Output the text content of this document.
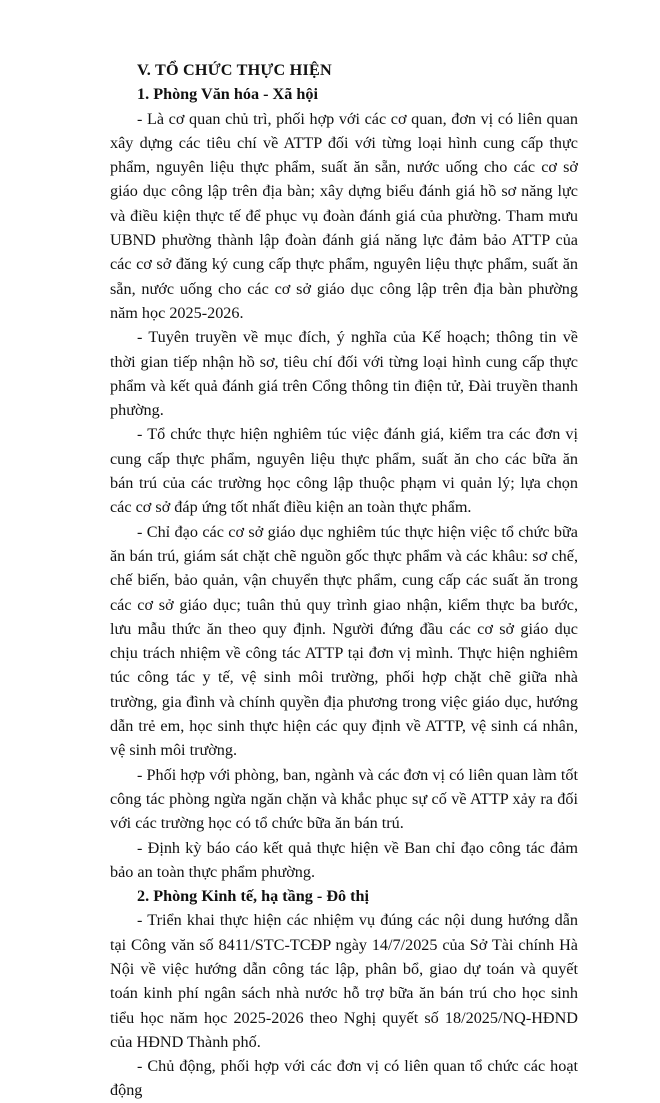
V. TỔ CHỨC THỰC HIỆN

1. Phòng Văn hóa - Xã hội

- Là cơ quan chủ trì, phối hợp với các cơ quan, đơn vị có liên quan xây dựng các tiêu chí về ATTP đối với từng loại hình cung cấp thực phẩm, nguyên liệu thực phẩm, suất ăn sẵn, nước uống cho các cơ sở giáo dục công lập trên địa bàn; xây dựng biểu đánh giá hồ sơ năng lực và điều kiện thực tế để phục vụ đoàn đánh giá của phường. Tham mưu UBND phường thành lập đoàn đánh giá năng lực đảm bảo ATTP của các cơ sở đăng ký cung cấp thực phẩm, nguyên liệu thực phẩm, suất ăn sẵn, nước uống cho các cơ sở giáo dục công lập trên địa bàn phường năm học 2025-2026.

- Tuyên truyền về mục đích, ý nghĩa của Kế hoạch; thông tin về thời gian tiếp nhận hồ sơ, tiêu chí đối với từng loại hình cung cấp thực phẩm và kết quả đánh giá trên Cổng thông tin điện tử, Đài truyền thanh phường.

- Tổ chức thực hiện nghiêm túc việc đánh giá, kiểm tra các đơn vị cung cấp thực phẩm, nguyên liệu thực phẩm, suất ăn cho các bữa ăn bán trú của các trường học công lập thuộc phạm vi quản lý; lựa chọn các cơ sở đáp ứng tốt nhất điều kiện an toàn thực phẩm.

- Chỉ đạo các cơ sở giáo dục nghiêm túc thực hiện việc tổ chức bữa ăn bán trú, giám sát chặt chẽ nguồn gốc thực phẩm và các khâu: sơ chế, chế biến, bảo quản, vận chuyển thực phẩm, cung cấp các suất ăn trong các cơ sở giáo dục; tuân thủ quy trình giao nhận, kiểm thực ba bước, lưu mẫu thức ăn theo quy định. Người đứng đầu các cơ sở giáo dục chịu trách nhiệm về công tác ATTP tại đơn vị mình. Thực hiện nghiêm túc công tác y tế, vệ sinh môi trường, phối hợp chặt chẽ giữa nhà trường, gia đình và chính quyền địa phương trong việc giáo dục, hướng dẫn trẻ em, học sinh thực hiện các quy định về ATTP, vệ sinh cá nhân, vệ sinh môi trường.

- Phối hợp với phòng, ban, ngành và các đơn vị có liên quan làm tốt công tác phòng ngừa ngăn chặn và khắc phục sự cố về ATTP xảy ra đối với các trường học có tổ chức bữa ăn bán trú.

- Định kỳ báo cáo kết quả thực hiện về Ban chỉ đạo công tác đảm bảo an toàn thực phẩm phường.

2. Phòng Kinh tế, hạ tầng - Đô thị

- Triển khai thực hiện các nhiệm vụ đúng các nội dung hướng dẫn tại Công văn số 8411/STC-TCĐP ngày 14/7/2025 của Sở Tài chính Hà Nội về việc hướng dẫn công tác lập, phân bổ, giao dự toán và quyết toán kinh phí ngân sách nhà nước hỗ trợ bữa ăn bán trú cho học sinh tiểu học năm học 2025-2026 theo Nghị quyết số 18/2025/NQ-HĐND của HĐND Thành phố.

- Chủ động, phối hợp với các đơn vị có liên quan tổ chức các hoạt động
